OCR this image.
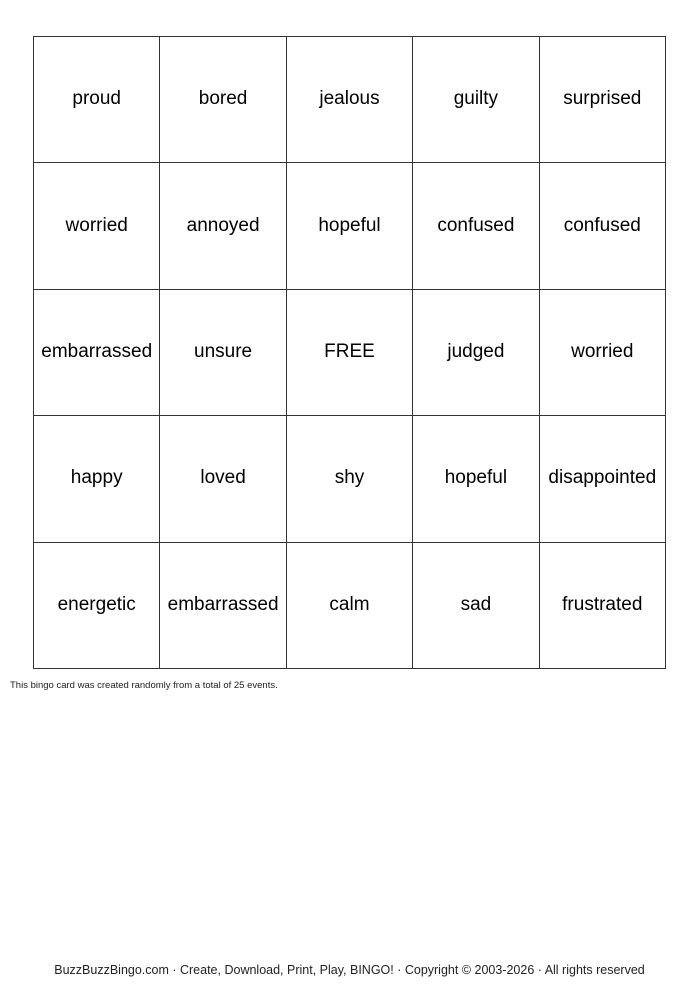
proud	bored	jealous	guilty	surprised
worried	annoyed	hopeful	confused	confused
embarrassed	unsure	FREE	judged	worried
happy	loved	shy	hopeful	disappointed
energetic	embarrassed	calm	sad	frustrated
This bingo card was created randomly from a total of 25 events.
BuzzBuzzBingo.com · Create, Download, Print, Play, BINGO! · Copyright © 2003-2026 · All rights reserved
